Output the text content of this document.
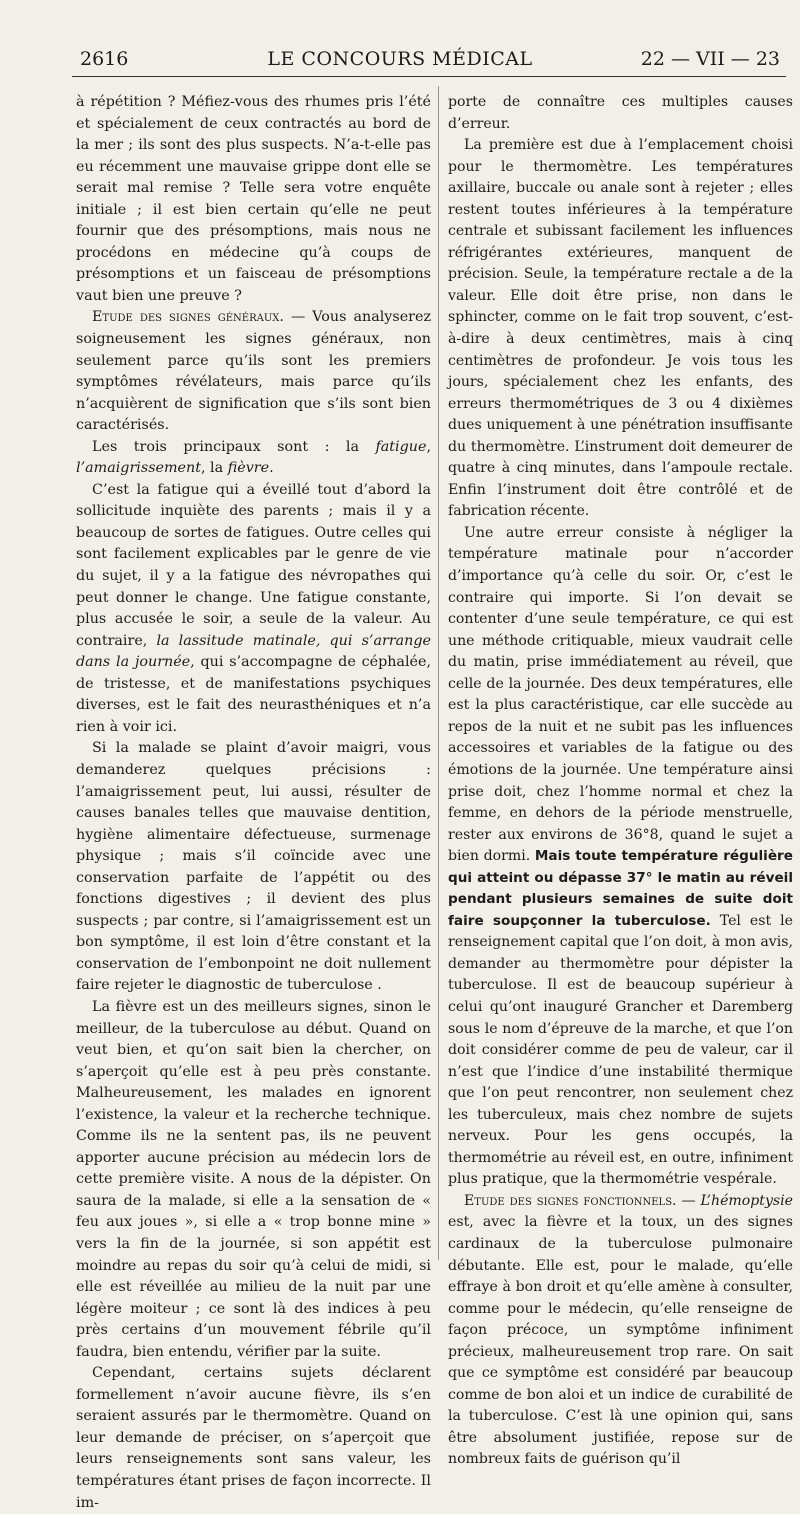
2616	LE CONCOURS MÉDICAL	22 — VII — 23

à répétition ? Méfiez-vous des rhumes pris l’été et spécialement de ceux contractés au bord de la mer ; ils sont des plus suspects. N’a-t-elle pas eu récemment une mauvaise grippe dont elle se serait mal remise ? Telle sera votre enquête initiale ; il est bien certain qu’elle ne peut fournir que des présomptions, mais nous ne procédons en médecine qu’à coups de présomptions et un faisceau de présomptions vaut bien une preuve ?

Etude des signes généraux. — Vous analyserez soigneusement les signes généraux, non seulement parce qu’ils sont les premiers symptômes révélateurs, mais parce qu’ils n’acquièrent de signification que s’ils sont bien caractérisés.

Les trois principaux sont : la fatigue, l’amaigrissement, la fièvre.

C’est la fatigue qui a éveillé tout d’abord la sollicitude inquiète des parents ; mais il y a beaucoup de sortes de fatigues. Outre celles qui sont facilement explicables par le genre de vie du sujet, il y a la fatigue des névropathes qui peut donner le change. Une fatigue constante, plus accusée le soir, a seule de la valeur. Au contraire, la lassitude matinale, qui s’arrange dans la journée, qui s’accompagne de céphalée, de tristesse, et de manifestations psychiques diverses, est le fait des neurasthéniques et n’a rien à voir ici.

Si la malade se plaint d’avoir maigri, vous demanderez quelques précisions : l’amaigrissement peut, lui aussi, résulter de causes banales telles que mauvaise dentition, hygiène alimentaire défectueuse, surmenage physique ; mais s’il coïncide avec une conservation parfaite de l’appétit ou des fonctions digestives ; il devient des plus suspects ; par contre, si l’amaigrissement est un bon symptôme, il est loin d’être constant et la conservation de l’embonpoint ne doit nullement faire rejeter le diagnostic de tuberculose .

La fièvre est un des meilleurs signes, sinon le meilleur, de la tuberculose au début. Quand on veut bien, et qu’on sait bien la chercher, on s’aperçoit qu’elle est à peu près constante. Malheureusement, les malades en ignorent l’existence, la valeur et la recherche technique. Comme ils ne la sentent pas, ils ne peuvent apporter aucune précision au médecin lors de cette première visite. A nous de la dépister. On saura de la malade, si elle a la sensation de « feu aux joues », si elle a « trop bonne mine » vers la fin de la journée, si son appétit est moindre au repas du soir qu’à celui de midi, si elle est réveillée au milieu de la nuit par une légère moiteur ; ce sont là des indices à peu près certains d’un mouvement fébrile qu’il faudra, bien entendu, vérifier par la suite.

Cependant, certains sujets déclarent formellement n’avoir aucune fièvre, ils s’en seraient assurés par le thermomètre. Quand on leur demande de préciser, on s’aperçoit que leurs renseignements sont sans valeur, les températures étant prises de façon incorrecte. Il im-

porte de connaître ces multiples causes d’erreur.

La première est due à l’emplacement choisi pour le thermomètre. Les températures axillaire, buccale ou anale sont à rejeter ; elles restent toutes inférieures à la température centrale et subissant facilement les influences réfrigérantes extérieures, manquent de précision. Seule, la température rectale a de la valeur. Elle doit être prise, non dans le sphincter, comme on le fait trop souvent, c’est-à-dire à deux centimètres, mais à cinq centimètres de profondeur. Je vois tous les jours, spécialement chez les enfants, des erreurs thermométriques de 3 ou 4 dixièmes dues uniquement à une pénétration insuffisante du thermomètre. L’instrument doit demeurer de quatre à cinq minutes, dans l’ampoule rectale. Enfin l’instrument doit être contrôlé et de fabrication récente.

Une autre erreur consiste à négliger la température matinale pour n’accorder d’importance qu’à celle du soir. Or, c’est le contraire qui importe. Si l’on devait se contenter d’une seule température, ce qui est une méthode critiquable, mieux vaudrait celle du matin, prise immédiatement au réveil, que celle de la journée. Des deux températures, elle est la plus caractéristique, car elle succède au repos de la nuit et ne subit pas les influences accessoires et variables de la fatigue ou des émotions de la journée. Une température ainsi prise doit, chez l’homme normal et chez la femme, en dehors de la période menstruelle, rester aux environs de 36°8, quand le sujet a bien dormi. Mais toute température régulière qui atteint ou dépasse 37° le matin au réveil pendant plusieurs semaines de suite doit faire soupçonner la tuberculose. Tel est le renseignement capital que l’on doit, à mon avis, demander au thermomètre pour dépister la tuberculose. Il est de beaucoup supérieur à celui qu’ont inauguré Grancher et Daremberg sous le nom d’épreuve de la marche, et que l’on doit considérer comme de peu de valeur, car il n’est que l’indice d’une instabilité thermique que l’on peut rencontrer, non seulement chez les tuberculeux, mais chez nombre de sujets nerveux. Pour les gens occupés, la thermométrie au réveil est, en outre, infiniment plus pratique, que la thermométrie vespérale.

Etude des signes fonctionnels. — L’hémoptysie est, avec la fièvre et la toux, un des signes cardinaux de la tuberculose pulmonaire débutante. Elle est, pour le malade, qu’elle effraye à bon droit et qu’elle amène à consulter, comme pour le médecin, qu’elle renseigne de façon précoce, un symptôme infiniment précieux, malheureusement trop rare. On sait que ce symptôme est considéré par beaucoup comme de bon aloi et un indice de curabilité de la tuberculose. C’est là une opinion qui, sans être absolument justifiée, repose sur de nombreux faits de guérison qu’il
